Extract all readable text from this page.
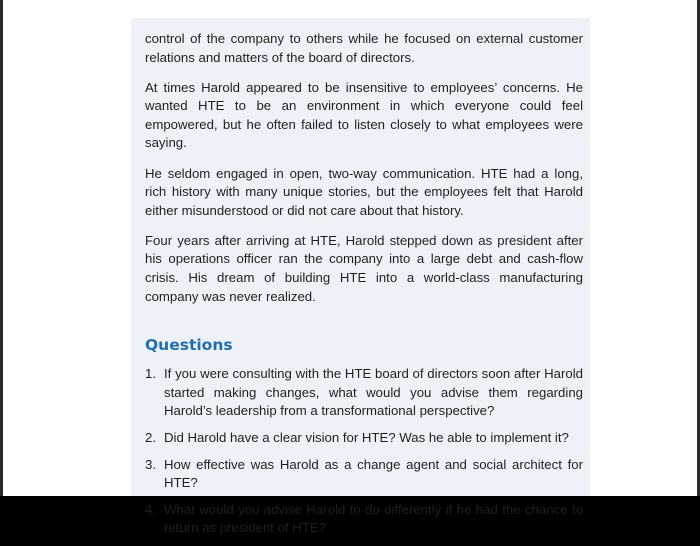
control of the company to others while he focused on external customer relations and matters of the board of directors.

At times Harold appeared to be insensitive to employees’ concerns. He wanted HTE to be an environment in which everyone could feel empowered, but he often failed to listen closely to what employees were saying.

He seldom engaged in open, two-way communication. HTE had a long, rich history with many unique stories, but the employees felt that Harold either misunderstood or did not care about that history.

Four years after arriving at HTE, Harold stepped down as president after his operations officer ran the company into a large debt and cash-flow crisis. His dream of building HTE into a world-class manufacturing company was never realized.

Questions
1. If you were consulting with the HTE board of directors soon after Harold started making changes, what would you advise them regarding Harold’s leadership from a transformational perspective?
2. Did Harold have a clear vision for HTE? Was he able to implement it?
3. How effective was Harold as a change agent and social architect for HTE?
4. What would you advise Harold to do differently if he had the chance to return as president of HTE?
